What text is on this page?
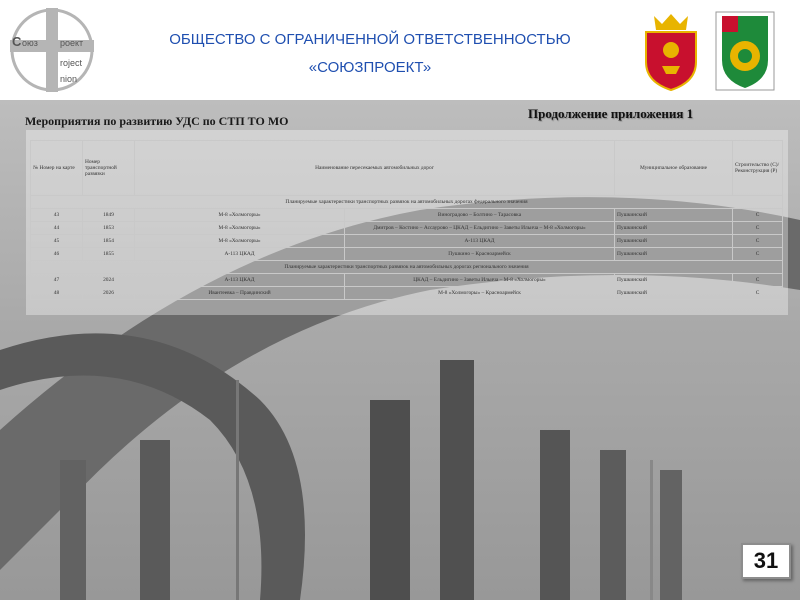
С оюз роект
roject
nion
ОБЩЕСТВО С ОГРАНИЧЕННОЙ ОТВЕТСТВЕННОСТЬЮ
«СОЮЗПРОЕКТ»
Мероприятия по развитию УДС по СТП ТО МО	Продолжение приложения 1
№ Номер на карте	Номер транспортной развязки	Наименование пересекаемых автомобильных дорог		Муниципальное образование	Строительство (С)/ Реконструкция (Р)
Планируемые характеристики транспортных развязок на автомобильных дорогах федерального значения					
43	1849	М-8 «Холмогоры»	Виноградово – Болтино – Тарасовка	Пушкинский	С
44	1853	М-8 «Холмогоры»	Дмитров – Костино – Ассаурово – ЦКАД – Ельдигино – Заветы Ильича – М-8 «Холмогоры»	Пушкинский	С
45	1854	М-8 «Холмогоры»	А-113 ЦКАД	Пушкинский	С
46	1855	А-113 ЦКАД	Пушкино – Красноармейск	Пушкинский	С
Планируемые характеристики транспортных развязок на автомобильных дорогах регионального значения					
47	2024	А-113 ЦКАД	ЦКАД – Ельдигино – Заветы Ильича – М-8 «Холмогоры»	Пушкинский	С
48	2026	Ивантеевка – Правдинский	М-8 «Холмогоры» – Красноармейск	Пушкинский	С
31
